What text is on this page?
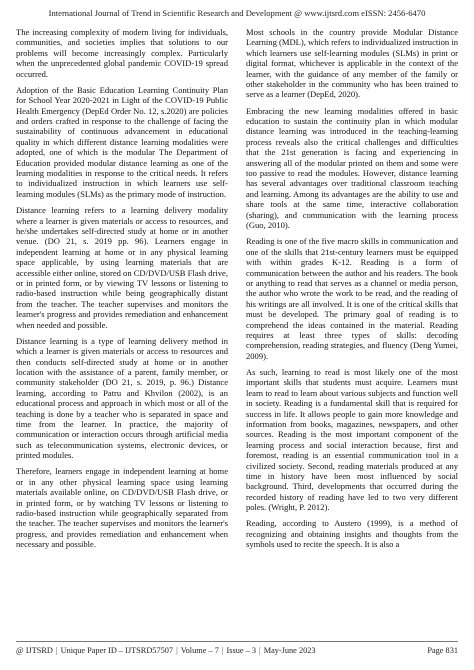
International Journal of Trend in Scientific Research and Development @ www.ijtsrd.com eISSN: 2456-6470

The increasing complexity of modern living for individuals, communities, and societies implies that solutions to our problems will become increasingly complex. Particularly when the unprecedented global pandemic COVID-19 spread occurred.

Adoption of the Basic Education Learning Continuity Plan for School Year 2020-2021 in Light of the COVID-19 Public Health Emergency (DepEd Order No. 12, s.2020) are policies and orders crafted in response to the challenge of facing the sustainability of continuous advancement in educational quality in which different distance learning modalities were adopted, one of which is the modular The Department of Education provided modular distance learning as one of the learning modalities in response to the critical needs. It refers to individualized instruction in which learners use self-learning modules (SLMs) as the primary mode of instruction.

Distance learning refers to a learning delivery modality where a learner is given materials or access to resources, and he/she undertakes self-directed study at home or in another venue. (DO 21, s. 2019 pp. 96). Learners engage in independent learning at home or in any physical learning space applicable, by using learning materials that are accessible either online, stored on CD/DVD/USB Flash drive, or in printed form, or by viewing TV lessons or listening to radio-based instruction while being geographically distant from the teacher. The teacher supervises and monitors the learner's progress and provides remediation and enhancement when needed and possible.

Distance learning is a type of learning delivery method in which a learner is given materials or access to resources and then conducts self-directed study at home or in another location with the assistance of a parent, family member, or community stakeholder (DO 21, s. 2019, p. 96.) Distance learning, according to Patru and Khvilon (2002), is an educational process and approach in which most or all of the teaching is done by a teacher who is separated in space and time from the learner. In practice, the majority of communication or interaction occurs through artificial media such as telecommunication systems, electronic devices, or printed modules.

Therefore, learners engage in independent learning at home or in any other physical learning space using learning materials available online, on CD/DVD/USB Flash drive, or in printed form, or by watching TV lessons or listening to radio-based instruction while geographically separated from the teacher. The teacher supervises and monitors the learner's progress, and provides remediation and enhancement when necessary and possible.

Most schools in the country provide Modular Distance Learning (MDL), which refers to individualized instruction in which learners use self-learning modules (SLMs) in print or digital format, whichever is applicable in the context of the learner, with the guidance of any member of the family or other stakeholder in the community who has been trained to serve as a learner (DepEd, 2020).

Embracing the new learning modalities offered in basic education to sustain the continuity plan in which modular distance learning was introduced in the teaching-learning process reveals also the critical challenges and difficulties that the 21st generation is facing and experiencing in answering all of the modular printed on them and some were too passive to read the modules. However, distance learning has several advantages over traditional classroom teaching and learning. Among its advantages are the ability to use and share tools at the same time, interactive collaboration (sharing), and communication with the learning process (Guo, 2010).

Reading is one of the five macro skills in communication and one of the skills that 21st-century learners must be equipped with within grades K-12. Reading is a form of communication between the author and his readers. The book or anything to read that serves as a channel or media person, the author who wrote the work to be read, and the reading of his writings are all involved. It is one of the critical skills that must be developed. The primary goal of reading is to comprehend the ideas contained in the material. Reading requires at least three types of skills: decoding comprehension, reading strategies, and fluency (Deng Yumei, 2009).

As such, learning to read is most likely one of the most important skills that students must acquire. Learners must learn to read to learn about various subjects and function well in society. Reading is a fundamental skill that is required for success in life. It allows people to gain more knowledge and information from books, magazines, newspapers, and other sources. Reading is the most important component of the learning process and social interaction because, first and foremost, reading is an essential communication tool in a civilized society. Second, reading materials produced at any time in history have been most influenced by social background. Third, developments that occurred during the recorded history of reading have led to two very different poles. (Wright, P. 2012).

Reading, according to Austero (1999), is a method of recognizing and obtaining insights and thoughts from the symbols used to recite the speech. It is also a

@ IJTSRD | Unique Paper ID – IJTSRD57507 | Volume – 7 | Issue – 3 | May-June 2023	Page 831
